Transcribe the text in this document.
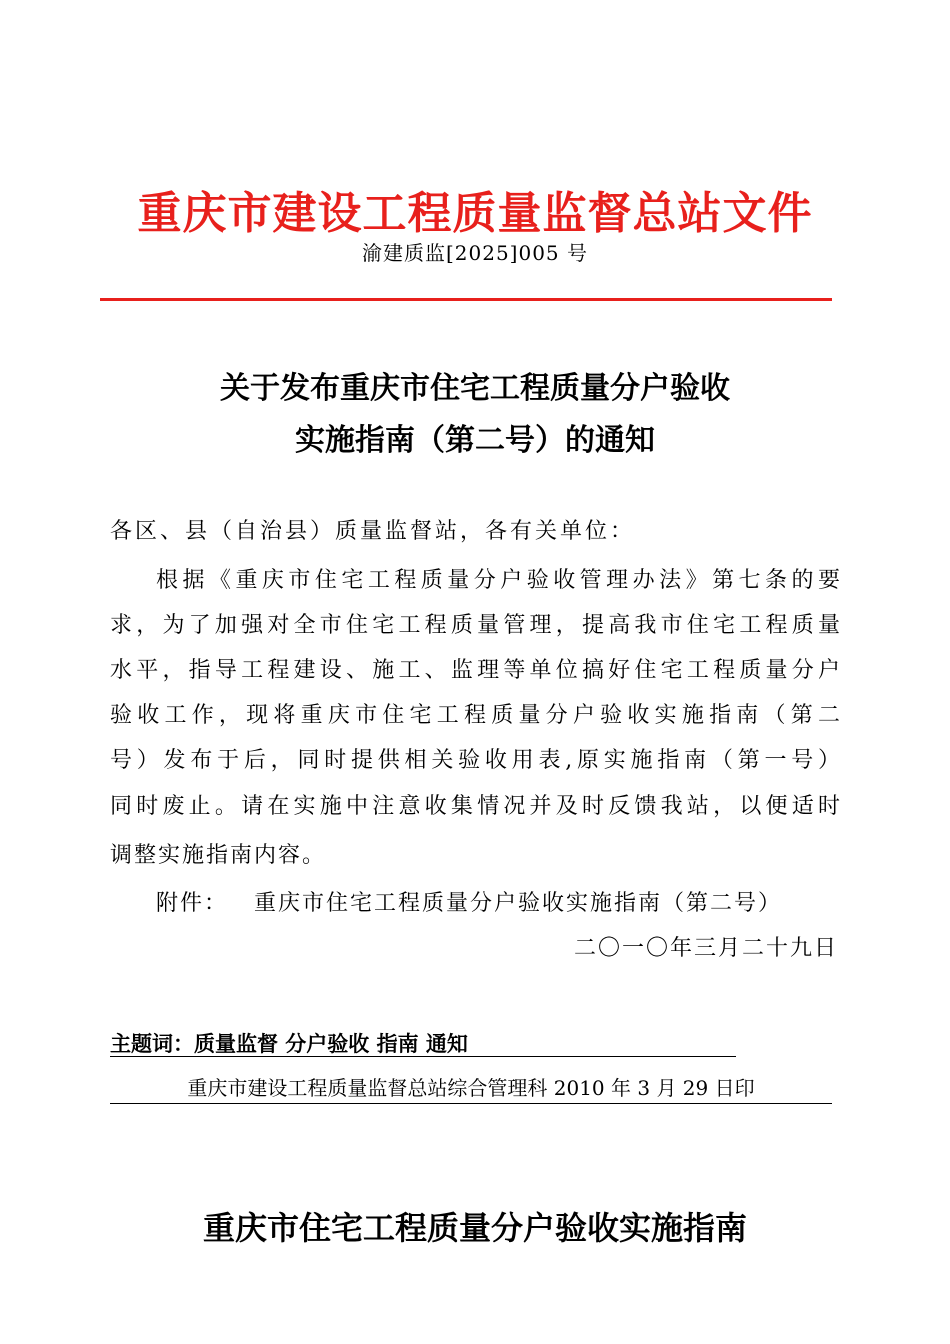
重庆市建设工程质量监督总站文件
渝建质监[2025]005 号
关于发布重庆市住宅工程质量分户验收
实施指南（第二号）的通知
各区、县（自治县）质量监督站，各有关单位：
根据《重庆市住宅工程质量分户验收管理办法》第七条的要
求，为了加强对全市住宅工程质量管理，提高我市住宅工程质量
水平，指导工程建设、施工、监理等单位搞好住宅工程质量分户
验收工作，现将重庆市住宅工程质量分户验收实施指南（第二
号）发布于后，同时提供相关验收用表,原实施指南（第一号）
同时废止。请在实施中注意收集情况并及时反馈我站，以便适时
调整实施指南内容。
附件： 重庆市住宅工程质量分户验收实施指南（第二号）
二〇一〇年三月二十九日
主题词：质量监督 分户验收 指南 通知
重庆市建设工程质量监督总站综合管理科 2010 年 3 月 29 日印
重庆市住宅工程质量分户验收实施指南
